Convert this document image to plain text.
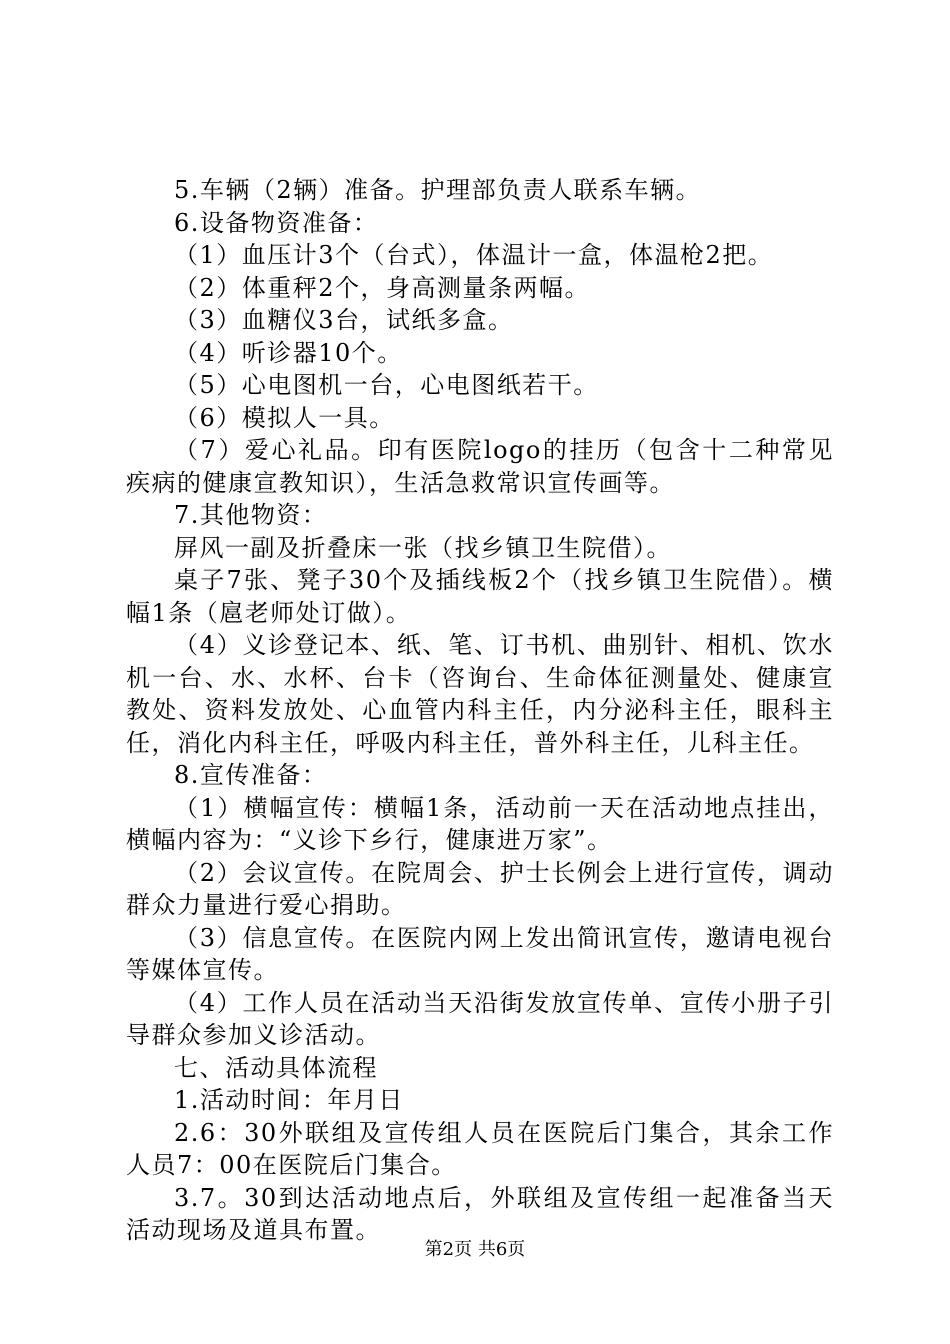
5.车辆（2辆）准备。护理部负责人联系车辆。

6.设备物资准备：

（1）血压计3个（台式），体温计一盒，体温枪2把。

（2）体重秤2个，身高测量条两幅。

（3）血糖仪3台，试纸多盒。

（4）听诊器10个。

（5）心电图机一台，心电图纸若干。

（6）模拟人一具。

（7）爱心礼品。印有医院logo的挂历（包含十二种常见疾病的健康宣教知识），生活急救常识宣传画等。

7.其他物资：

屏风一副及折叠床一张（找乡镇卫生院借）。

桌子7张、凳子30个及插线板2个（找乡镇卫生院借）。横幅1条（扈老师处订做）。

（4）义诊登记本、纸、笔、订书机、曲别针、相机、饮水机一台、水、水杯、台卡（咨询台、生命体征测量处、健康宣教处、资料发放处、心血管内科主任，内分泌科主任，眼科主任，消化内科主任，呼吸内科主任，普外科主任，儿科主任。

8.宣传准备：

（1）横幅宣传：横幅1条，活动前一天在活动地点挂出，横幅内容为：“义诊下乡行，健康进万家”。

（2）会议宣传。在院周会、护士长例会上进行宣传，调动群众力量进行爱心捐助。

（3）信息宣传。在医院内网上发出简讯宣传，邀请电视台等媒体宣传。

（4）工作人员在活动当天沿街发放宣传单、宣传小册子引导群众参加义诊活动。

七、活动具体流程

1.活动时间：年月日

2.6：30外联组及宣传组人员在医院后门集合，其余工作人员7：00在医院后门集合。

3.7。30到达活动地点后，外联组及宣传组一起准备当天活动现场及道具布置。

第2页 共6页
